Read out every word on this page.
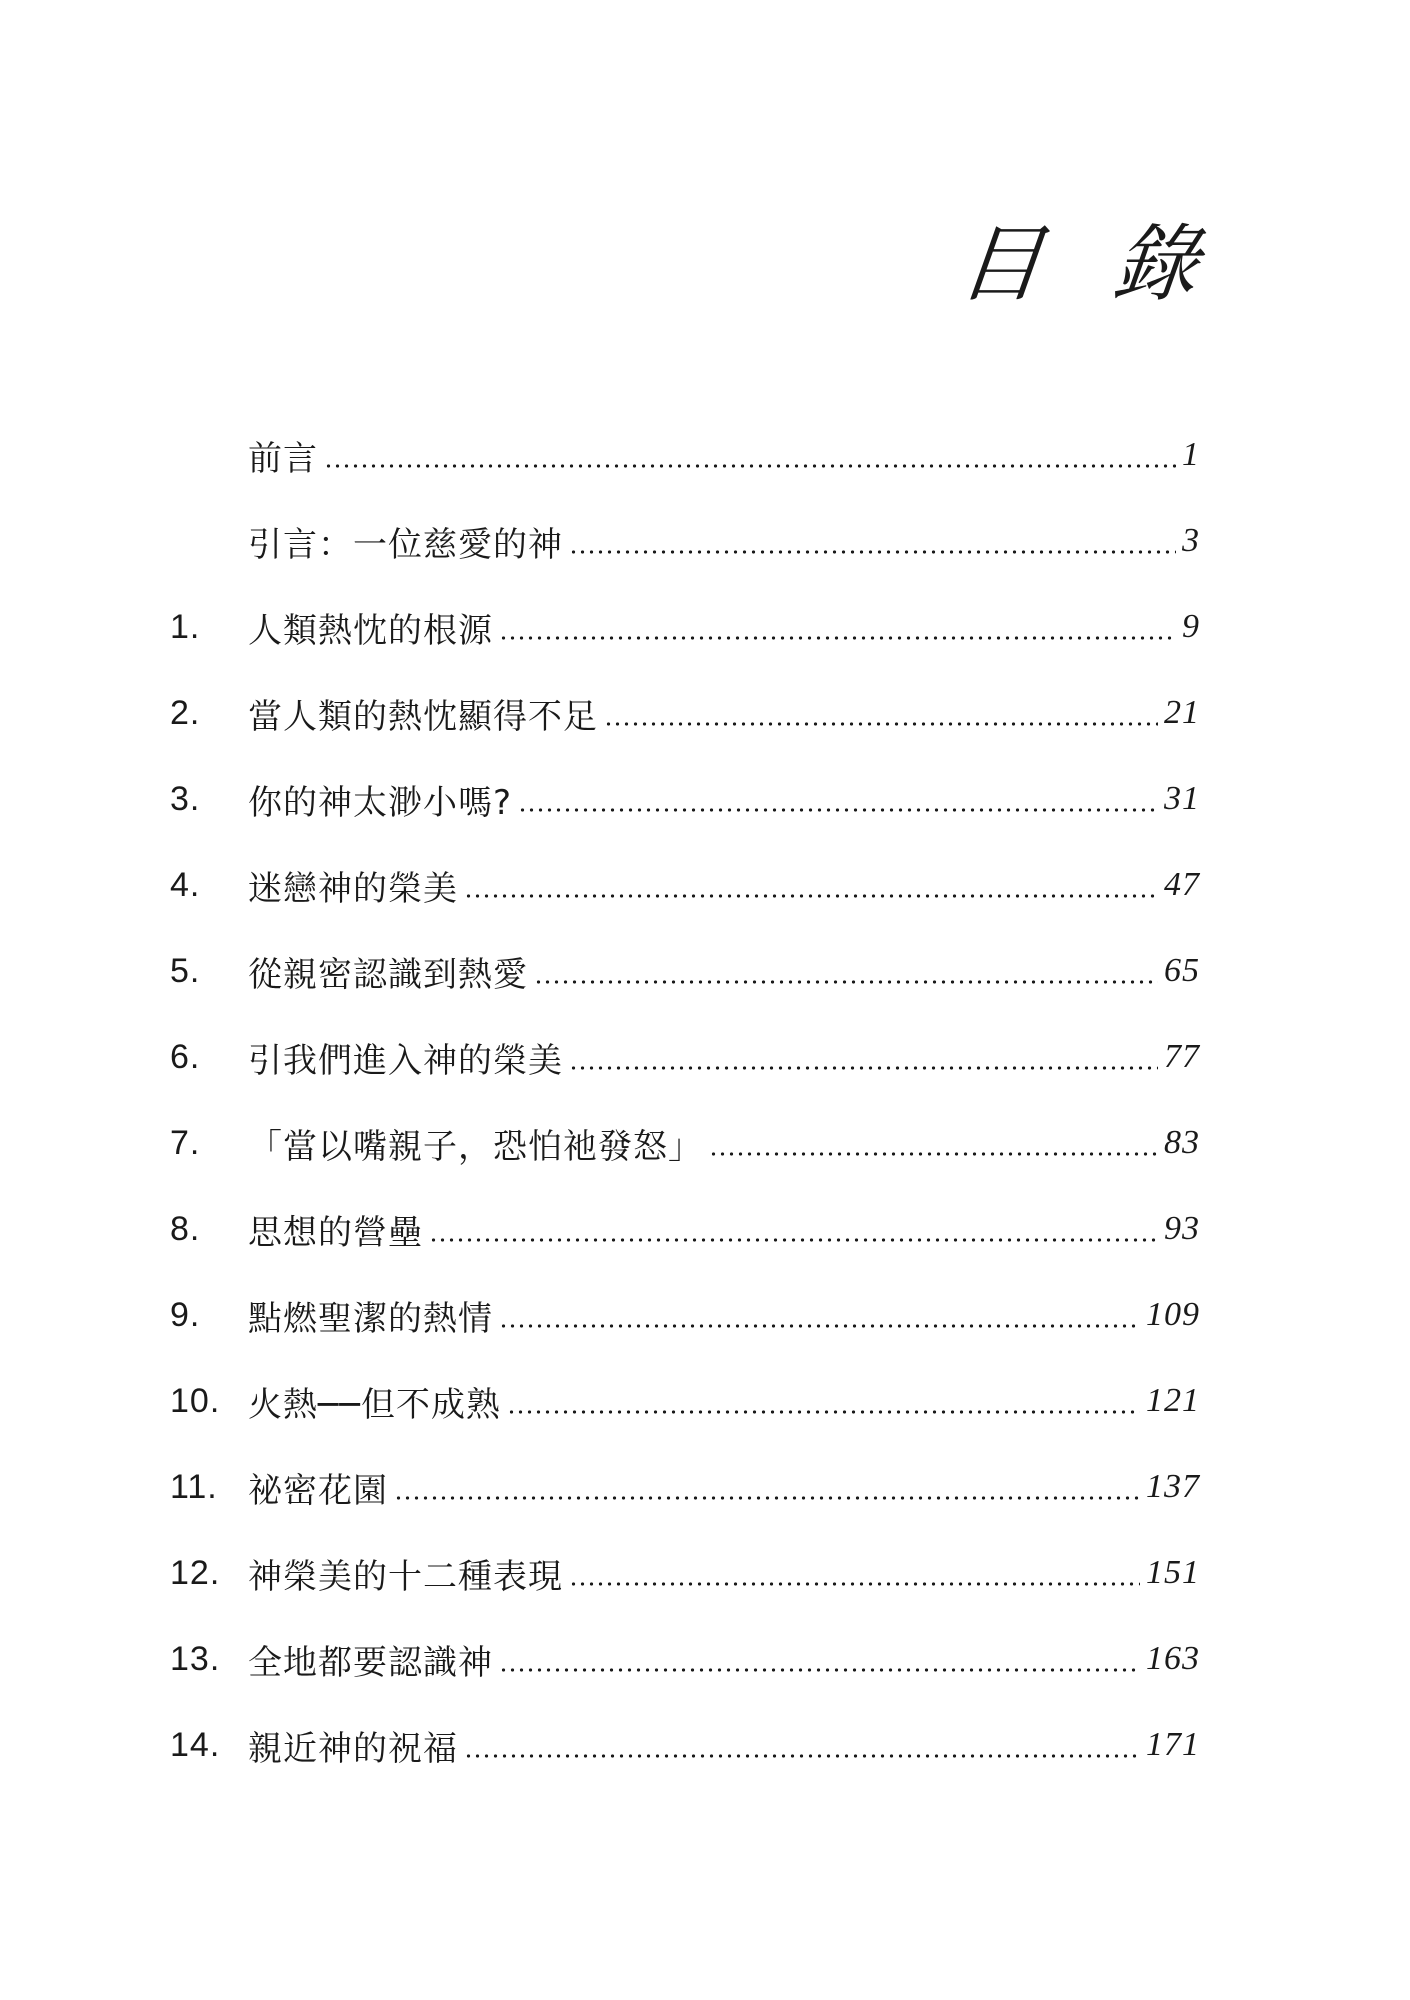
目 錄
前言	1
引言：一位慈愛的神	3
1.	人類熱忱的根源	9
2.	當人類的熱忱顯得不足	21
3.	你的神太渺小嗎?	31
4.	迷戀神的榮美	47
5.	從親密認識到熱愛	65
6.	引我們進入神的榮美	77
7.	「當以嘴親子，恐怕祂發怒」	83
8.	思想的營壘	93
9.	點燃聖潔的熱情	109
10. 火熱──但不成熟	121
11. 祕密花園	137
12. 神榮美的十二種表現	151
13. 全地都要認識神	163
14. 親近神的祝福	171
